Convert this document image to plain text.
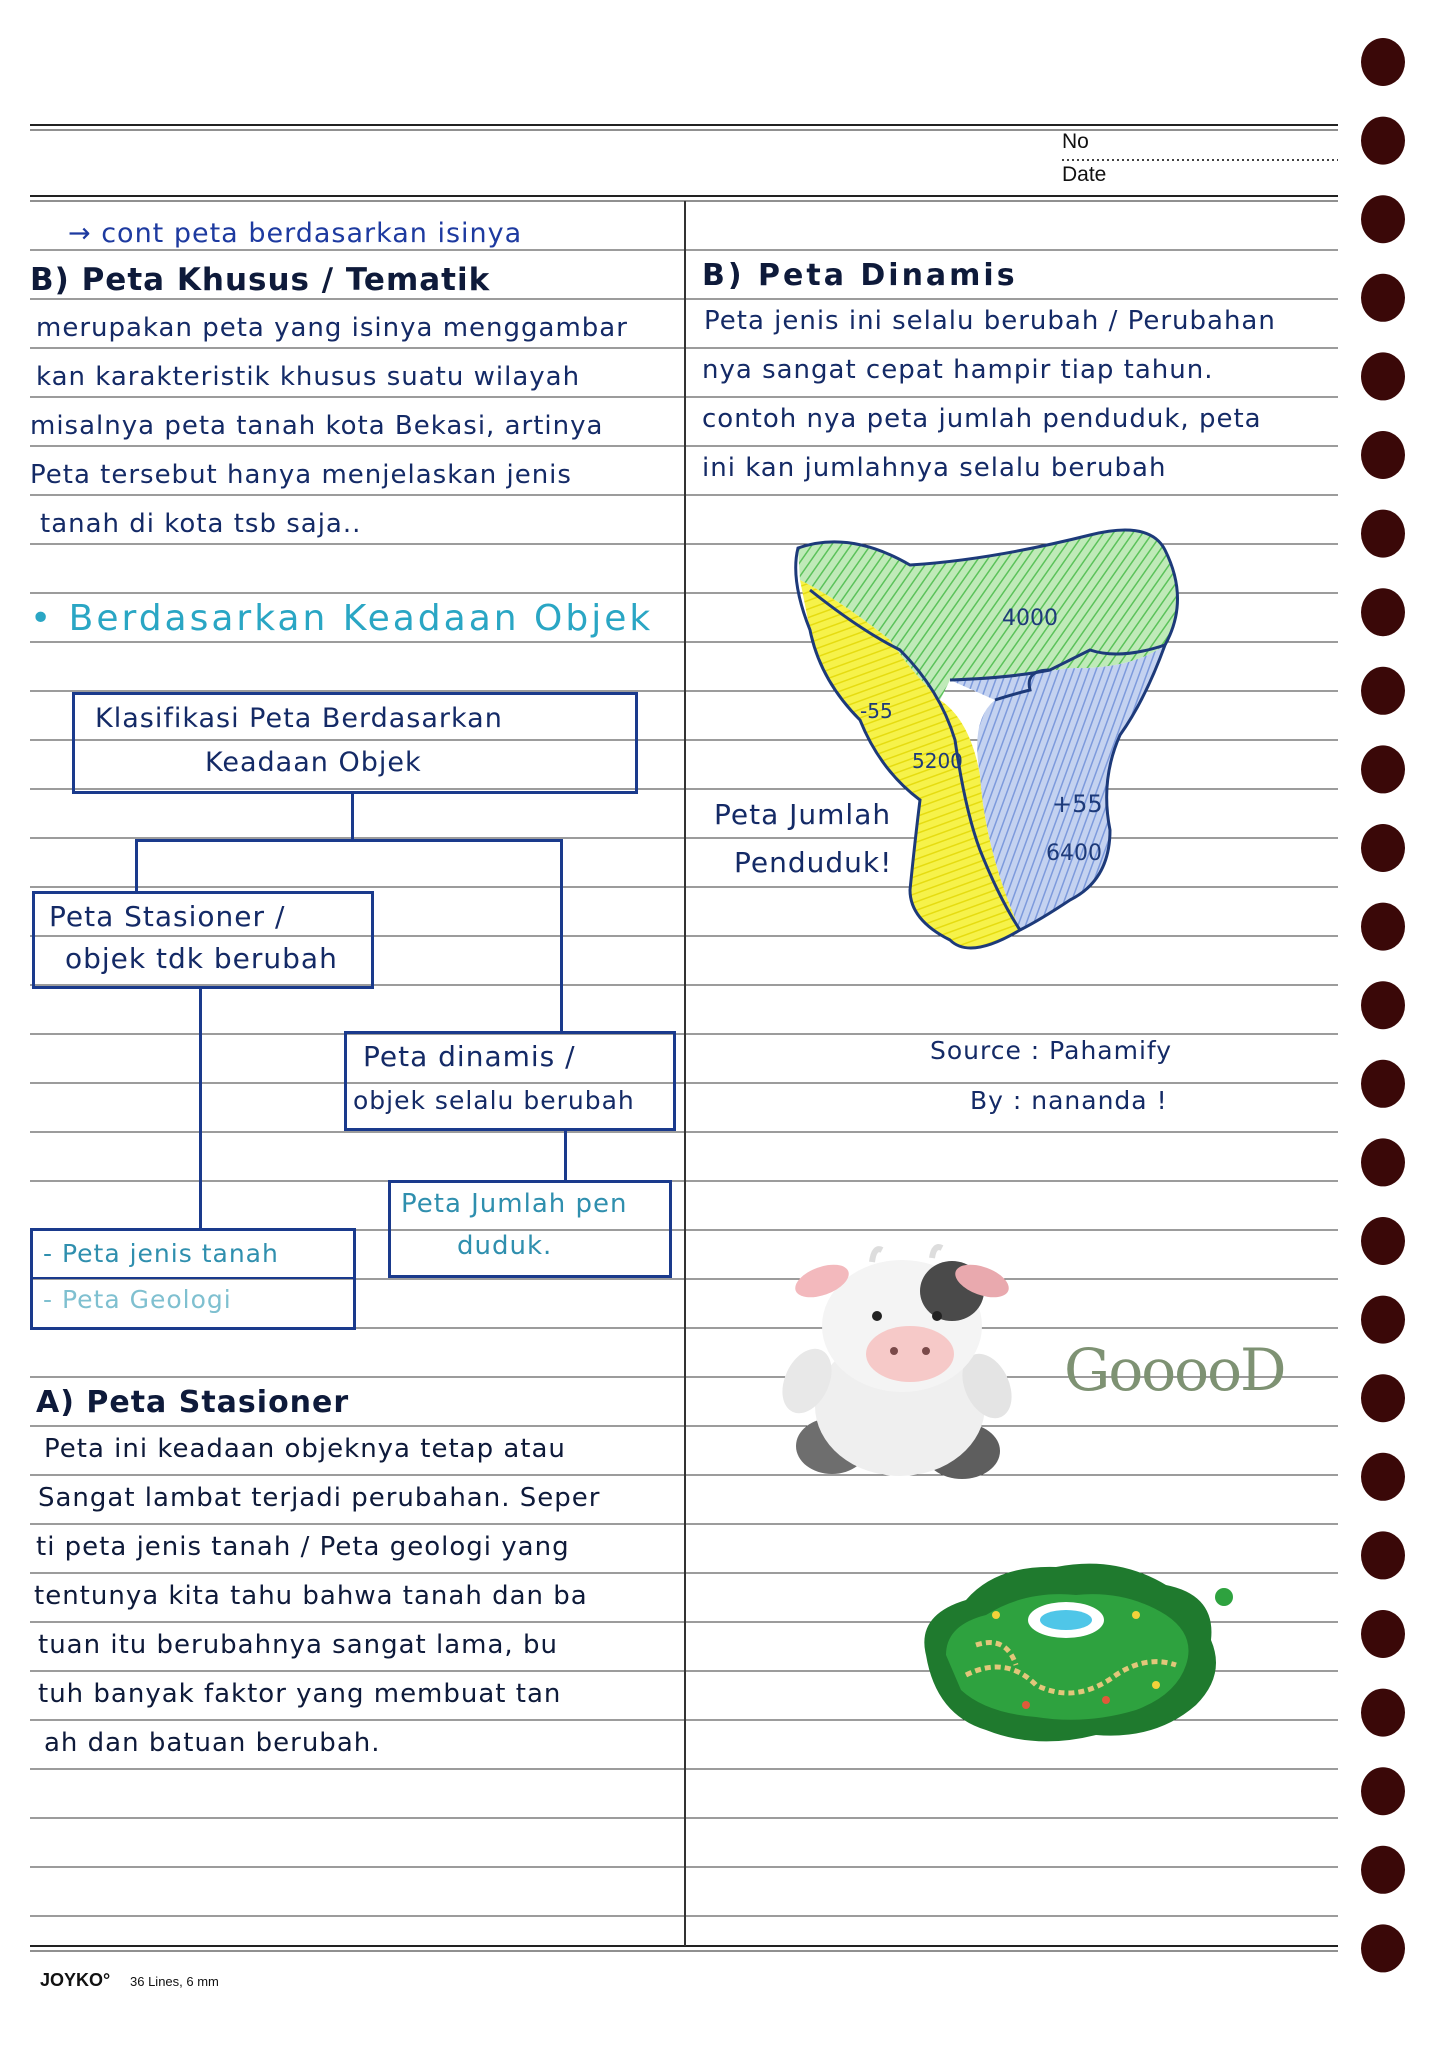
No
Date
→ cont peta berdasarkan isinya
B) Peta Khusus / Tematik
merupakan peta yang isinya menggambar
kan karakteristik khusus suatu wilayah
misalnya peta tanah kota Bekasi, artinya
Peta tersebut hanya menjelaskan jenis
tanah di kota tsb saja..
• Berdasarkan Keadaan Objek
Klasifikasi Peta Berdasarkan
Keadaan Objek
Peta Stasioner /
objek tdk berubah
Peta dinamis /
objek selalu berubah
Peta Jumlah pen
duduk.
- Peta jenis tanah
- Peta Geologi
A) Peta Stasioner
Peta ini keadaan objeknya tetap atau
Sangat lambat terjadi perubahan. Seper
ti peta jenis tanah / Peta geologi yang
tentunya kita tahu bahwa tanah dan ba
tuan itu berubahnya sangat lama, bu
tuh banyak faktor yang membuat tan
ah dan batuan berubah.
B) Peta Dinamis
Peta jenis ini selalu berubah / Perubahan
nya sangat cepat hampir tiap tahun.
contoh nya peta jumlah penduduk, peta
ini kan jumlahnya selalu berubah
4000
-55
5200
+55
6400
Peta Jumlah
Penduduk!
Source : Pahamify
By : nananda !
GooooD
JOYKO° 36 Lines, 6 mm
